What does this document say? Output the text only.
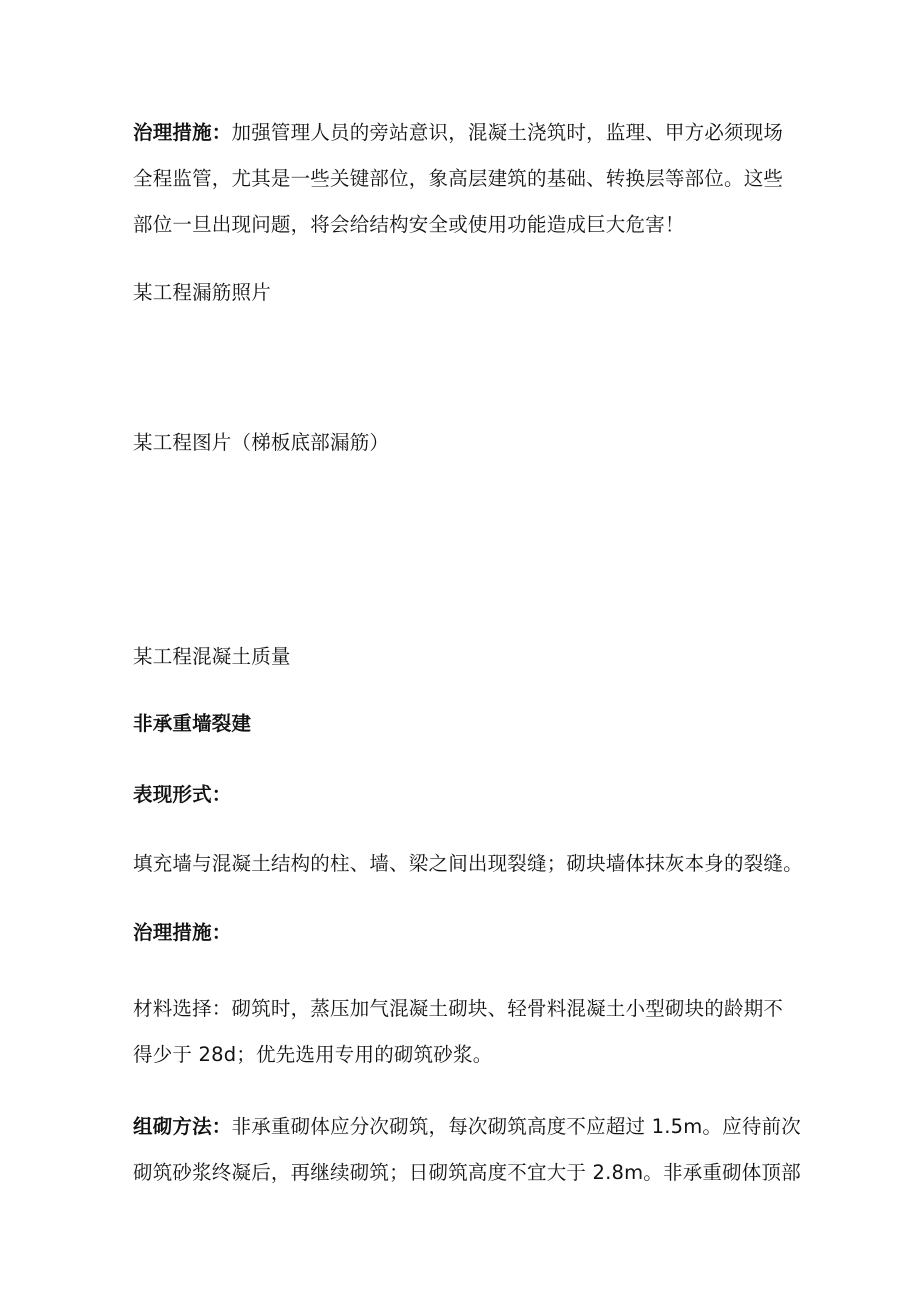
治理措施：加强管理人员的旁站意识，混凝土浇筑时，监理、甲方必须现场
全程监管，尤其是一些关键部位，象高层建筑的基础、转换层等部位。这些
部位一旦出现问题，将会给结构安全或使用功能造成巨大危害！
某工程漏筋照片
某工程图片（梯板底部漏筋）
某工程混凝土质量
非承重墙裂建
表现形式：
填充墙与混凝土结构的柱、墙、梁之间出现裂缝；砌块墙体抹灰本身的裂缝。
治理措施：
材料选择：砌筑时，蒸压加气混凝土砌块、轻骨料混凝土小型砌块的龄期不
得少于 28d；优先选用专用的砌筑砂浆。
组砌方法：非承重砌体应分次砌筑，每次砌筑高度不应超过 1.5m。应待前次
砌筑砂浆终凝后，再继续砌筑；日砌筑高度不宜大于 2.8m。非承重砌体顶部
